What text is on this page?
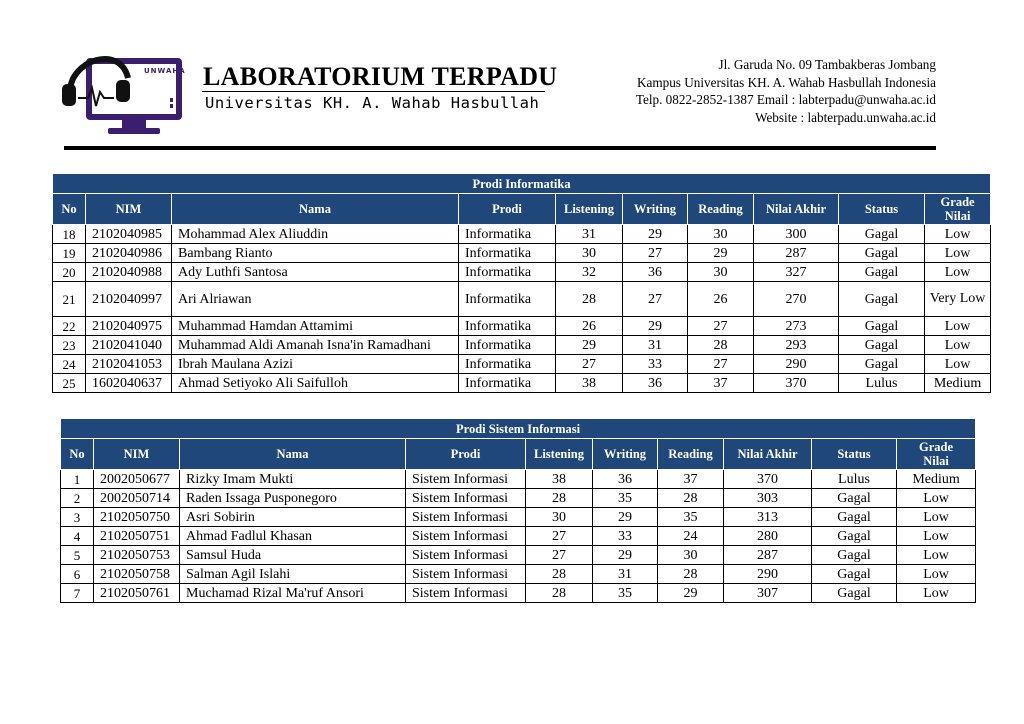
UNWAHA LABORATORIUM TERPADU
Universitas KH. A. Wahab Hasbullah
Jl. Garuda No. 09 Tambakberas Jombang
Kampus Universitas KH. A. Wahab Hasbullah Indonesia
Telp. 0822-2852-1387 Email : labterpadu@unwaha.ac.id
Website : labterpadu.unwaha.ac.id
Prodi Informatika									
No	NIM	Nama	Prodi	Listening	Writing	Reading	Nilai Akhir	Status	Grade Nilai
18	2102040985	Mohammad Alex Aliuddin	Informatika	31	29	30	300	Gagal	Low
19	2102040986	Bambang Rianto	Informatika	30	27	29	287	Gagal	Low
20	2102040988	Ady Luthfi Santosa	Informatika	32	36	30	327	Gagal	Low
21	2102040997	Ari Alriawan	Informatika	28	27	26	270	Gagal	Very Low
22	2102040975	Muhammad Hamdan Attamimi	Informatika	26	29	27	273	Gagal	Low
23	2102041040	Muhammad Aldi Amanah Isna'in Ramadhani	Informatika	29	31	28	293	Gagal	Low
24	2102041053	Ibrah Maulana Azizi	Informatika	27	33	27	290	Gagal	Low
25	1602040637	Ahmad Setiyoko Ali Saifulloh	Informatika	38	36	37	370	Lulus	Medium
Prodi Sistem Informasi									
No	NIM	Nama	Prodi	Listening	Writing	Reading	Nilai Akhir	Status	Grade Nilai
1	2002050677	Rizky Imam Mukti	Sistem Informasi	38	36	37	370	Lulus	Medium
2	2002050714	Raden Issaga Pusponegoro	Sistem Informasi	28	35	28	303	Gagal	Low
3	2102050750	Asri Sobirin	Sistem Informasi	30	29	35	313	Gagal	Low
4	2102050751	Ahmad Fadlul Khasan	Sistem Informasi	27	33	24	280	Gagal	Low
5	2102050753	Samsul Huda	Sistem Informasi	27	29	30	287	Gagal	Low
6	2102050758	Salman Agil Islahi	Sistem Informasi	28	31	28	290	Gagal	Low
7	2102050761	Muchamad Rizal Ma'ruf Ansori	Sistem Informasi	28	35	29	307	Gagal	Low
